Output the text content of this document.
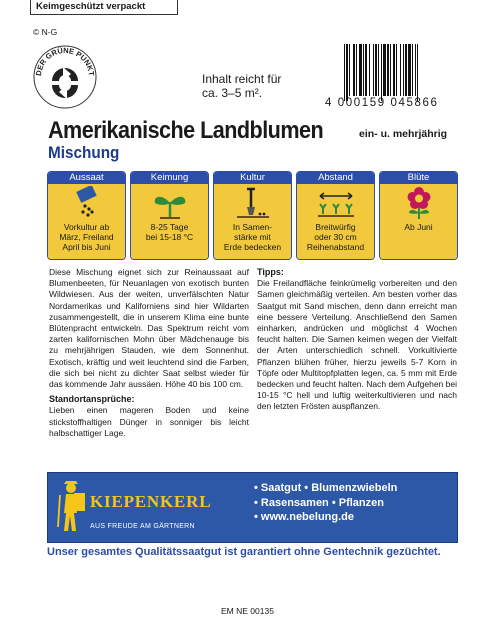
Keimgeschützt verpackt
© N-G
DER GRÜNE PUNKT	Inhalt reicht für
ca. 3–5 m².
4 000159 045866
Amerikanische Landblumen	ein- u. mehrjährig
Mischung
Aussaat
Vorkultur ab
März, Freiland
April bis Juni
Keimung
8-25 Tage
bei 15-18 °C
Kultur
In Samen-
stärke mit
Erde bedecken
Abstand
Breitwürfig
oder 30 cm
Reihenabstand
Blüte
Ab Juni

Diese Mischung eignet sich zur Reinaussaat auf Blumenbeeten, für Neuanlagen von exotisch bunten Wildwiesen. Aus der weiten, unverfälschten Natur Nordamerikas und Kaliforniens sind hier Wildarten zusammengestellt, die in unserem Klima eine bunte Blütenpracht entwickeln. Das Spektrum reicht vom zarten kalifornischen Mohn über Mädchenauge bis zu mehrjährigen Stauden, wie dem Sonnenhut. Exotisch, kräftig und weit leuchtend sind die Farben, die sich bei nicht zu dichter Saat selbst wieder für das kommende Jahr aussäen. Höhe 40 bis 100 cm.

Standortansprüche:

Lieben einen mageren Boden und keine stickstoffhaltigen Dünger in sonniger bis leicht halbschattiger Lage.

Tipps:

Die Freilandfläche feinkrümelig vorbereiten und den Samen gleichmäßig verteilen. Am besten vorher das Saatgut mit Sand mischen, denn dann erreicht man eine bessere Verteilung. Anschließend den Samen einharken, andrücken und möglichst 4 Wochen feucht halten. Die Samen keimen wegen der Vielfalt der Arten unterschiedlich schnell. Vorkultivierte Pflanzen blühen früher, hierzu jeweils 5-7 Korn in Töpfe oder Multitopfplatten legen, ca. 5 mm mit Erde bedecken und feucht halten. Nach dem Aufgehen bei 10-15 °C hell und luftig weiterkultivieren und nach den letzten Frösten auspflanzen.

KIEPENKERL
AUS FREUDE AM GÄRTNERN
• Saatgut • Blumenzwiebeln
• Rasensamen • Pflanzen
• www.nebelung.de
Unser gesamtes Qualitätssaatgut ist garantiert ohne Gentechnik gezüchtet.
EM NE 00135
